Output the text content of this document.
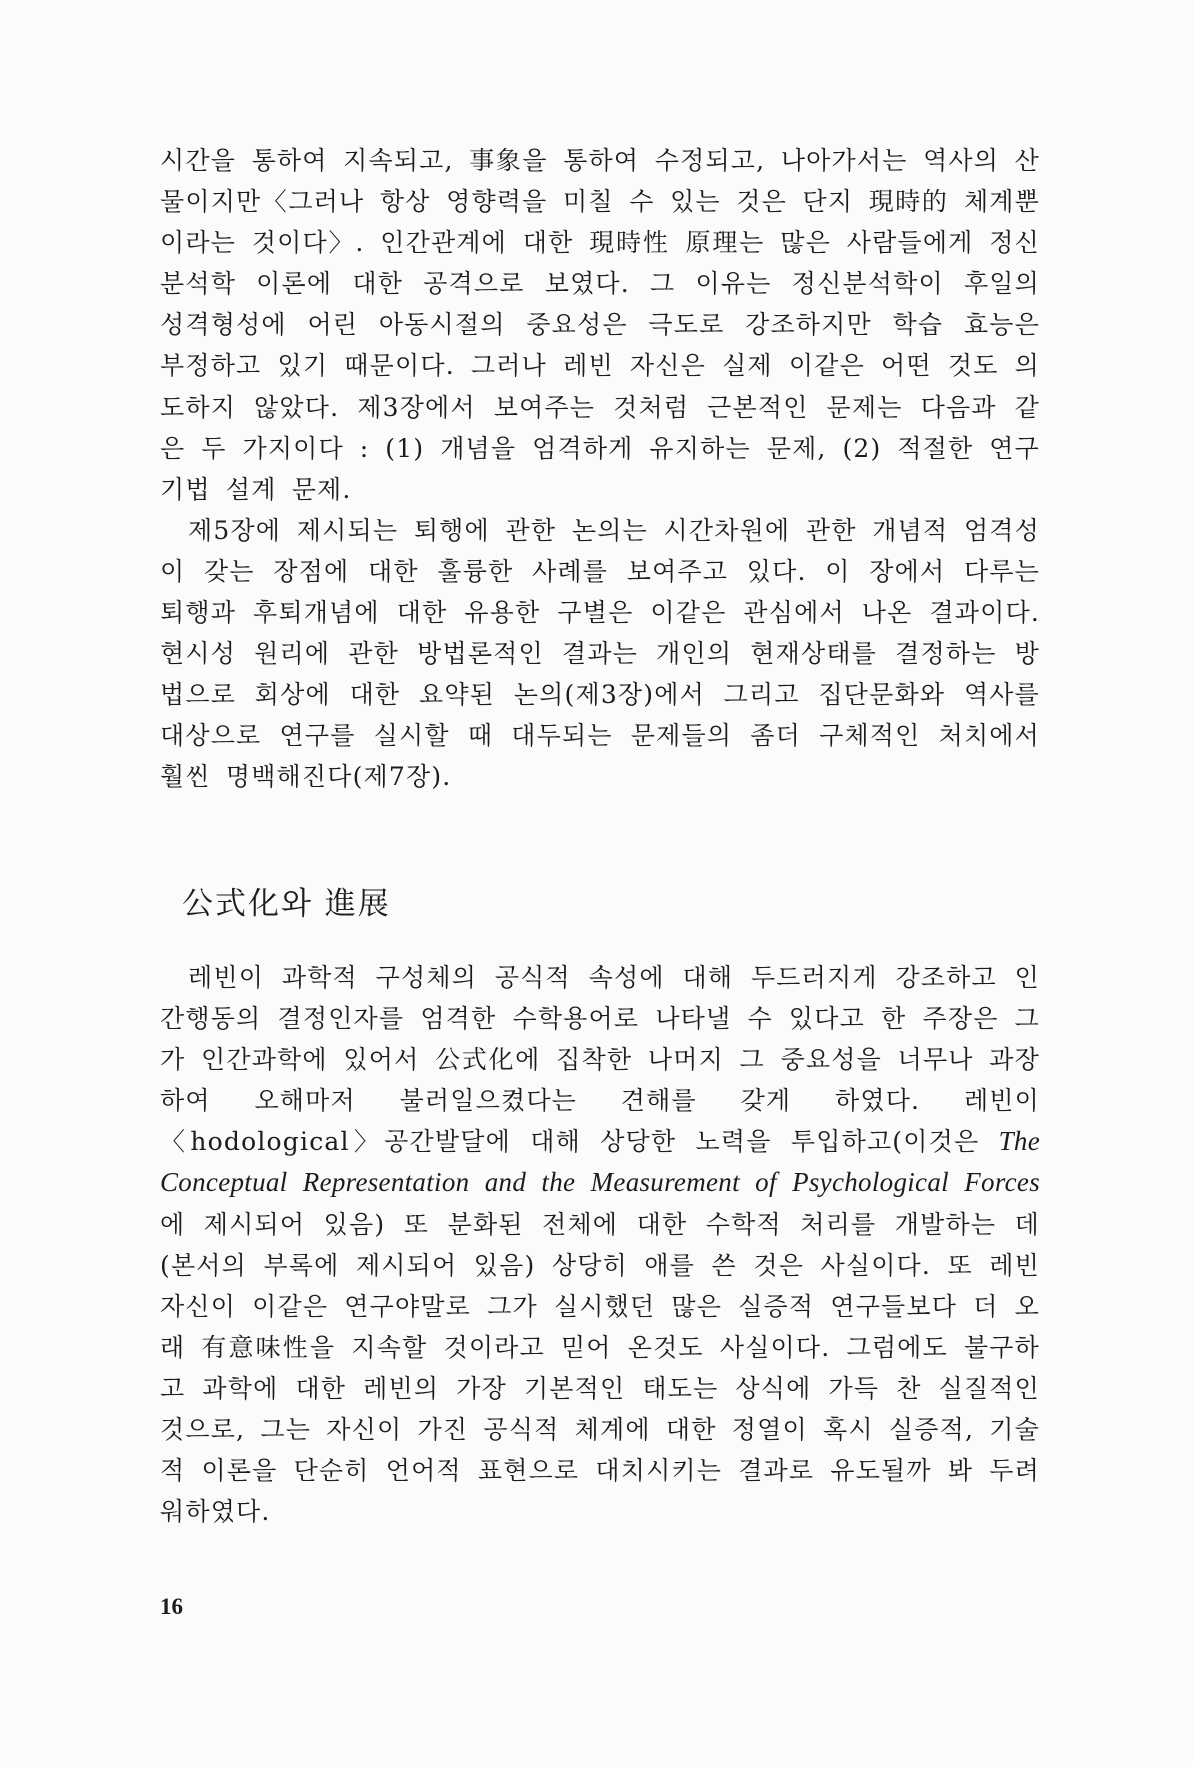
시간을 통하여 지속되고, 事象을 통하여 수정되고, 나아가서는 역사의 산물이지만〈그러나 항상 영향력을 미칠 수 있는 것은 단지 現時的 체계뿐이라는 것이다〉. 인간관계에 대한 現時性 原理는 많은 사람들에게 정신분석학 이론에 대한 공격으로 보였다. 그 이유는 정신분석학이 후일의 성격형성에 어린 아동시절의 중요성은 극도로 강조하지만 학습 효능은 부정하고 있기 때문이다. 그러나 레빈 자신은 실제 이같은 어떤 것도 의도하지 않았다. 제3장에서 보여주는 것처럼 근본적인 문제는 다음과 같은 두 가지이다 : (1) 개념을 엄격하게 유지하는 문제, (2) 적절한 연구기법 설계 문제.

제5장에 제시되는 퇴행에 관한 논의는 시간차원에 관한 개념적 엄격성이 갖는 장점에 대한 훌륭한 사례를 보여주고 있다. 이 장에서 다루는 퇴행과 후퇴개념에 대한 유용한 구별은 이같은 관심에서 나온 결과이다. 현시성 원리에 관한 방법론적인 결과는 개인의 현재상태를 결정하는 방법으로 회상에 대한 요약된 논의(제3장)에서 그리고 집단문화와 역사를 대상으로 연구를 실시할 때 대두되는 문제들의 좀더 구체적인 처치에서 훨씬 명백해진다(제7장).

公式化와 進展

레빈이 과학적 구성체의 공식적 속성에 대해 두드러지게 강조하고 인간행동의 결정인자를 엄격한 수학용어로 나타낼 수 있다고 한 주장은 그가 인간과학에 있어서 公式化에 집착한 나머지 그 중요성을 너무나 과장하여 오해마저 불러일으켰다는 견해를 갖게 하였다. 레빈이〈hodological〉공간발달에 대해 상당한 노력을 투입하고(이것은 The Conceptual Representation and the Measurement of Psychological Forces에 제시되어 있음) 또 분화된 전체에 대한 수학적 처리를 개발하는 데(본서의 부록에 제시되어 있음) 상당히 애를 쓴 것은 사실이다. 또 레빈 자신이 이같은 연구야말로 그가 실시했던 많은 실증적 연구들보다 더 오래 有意味性을 지속할 것이라고 믿어 온것도 사실이다. 그럼에도 불구하고 과학에 대한 레빈의 가장 기본적인 태도는 상식에 가득 찬 실질적인 것으로, 그는 자신이 가진 공식적 체계에 대한 정열이 혹시 실증적, 기술적 이론을 단순히 언어적 표현으로 대치시키는 결과로 유도될까 봐 두려워하였다.

16
